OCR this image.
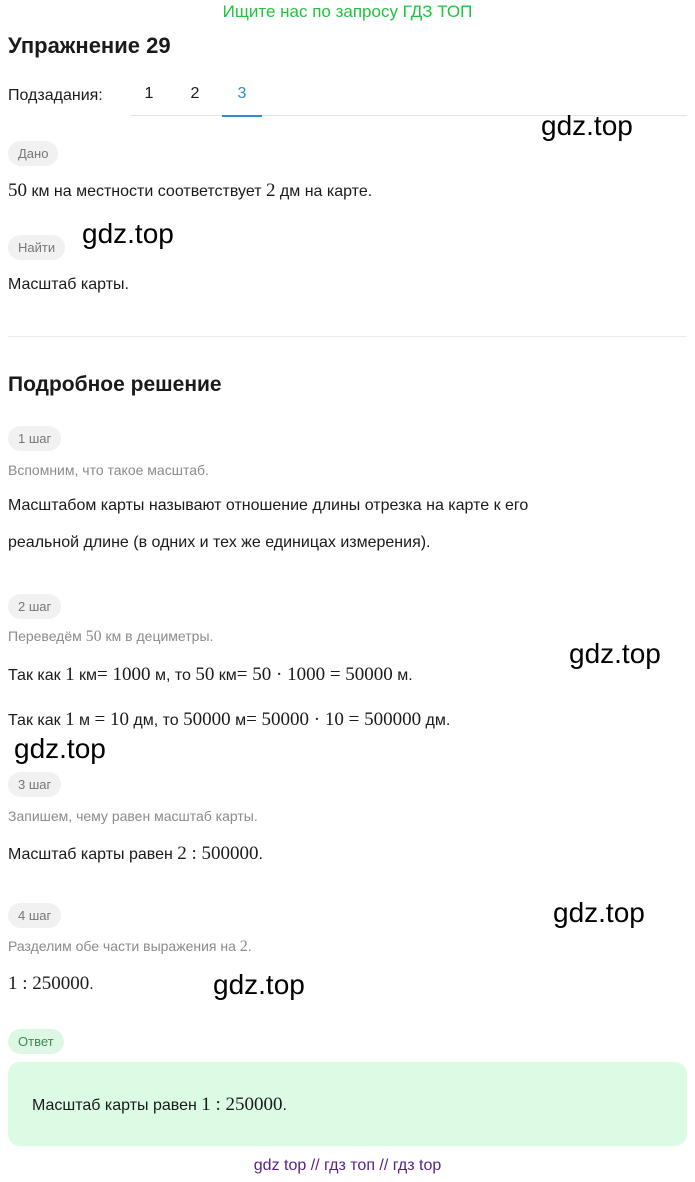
Ищите нас по запросу ГДЗ ТОП
Упражнение 29
Подзадания:	1	2	3
gdz.top
Дано
50 км на местности соответствует 2 дм на карте.
Найти gdz.top
Масштаб карты.
Подробное решение
1 шаг
Вспомним, что такое масштаб.
Масштабом карты называют отношение длины отрезка на карте к его
реальной длине (в одних и тех же единицах измерения).
2 шаг
Переведём 50 км в дециметры.
gdz.top
Так как 1 км= 1000 м, то 50 км= 50 · 1000 = 50000 м.
Так как 1 м = 10 дм, то 50000 м= 50000 · 10 = 500000 дм.
gdz.top
3 шаг
Запишем, чему равен масштаб карты.
Масштаб карты равен 2 : 500000.
4 шаг	gdz.top
Разделим обе части выражения на 2.
1 : 250000.	gdz.top
Ответ
Масштаб карты равен 1 : 250000.
gdz top // гдз топ // гдз top
